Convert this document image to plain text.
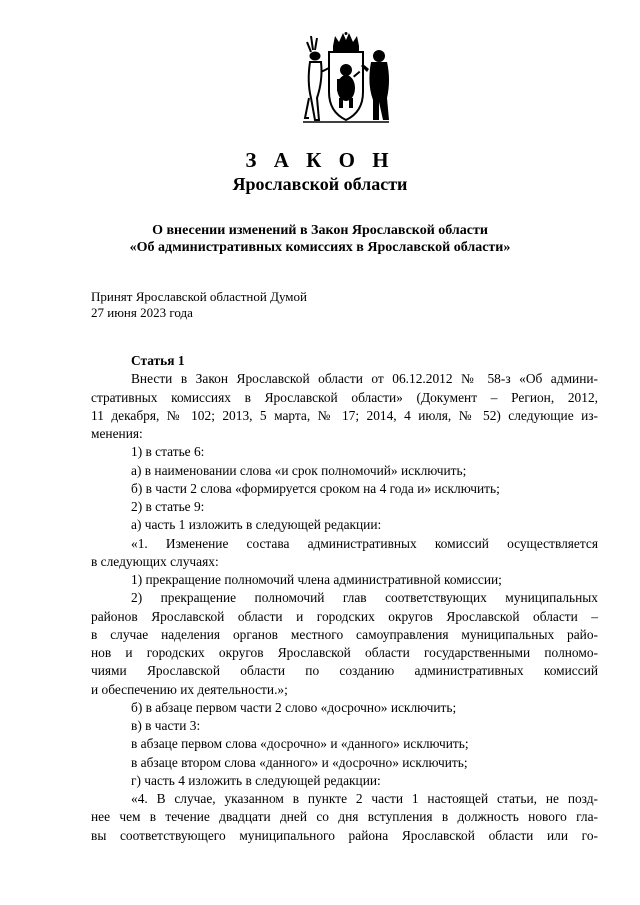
З А К О Н
Ярославской области
О внесении изменений в Закон Ярославской области
«Об административных комиссиях в Ярославской области»
Принят Ярославской областной Думой
27 июня 2023 года
Статья 1
Внести в Закон Ярославской области от 06.12.2012 № 58-з «Об админи-
стративных комиссиях в Ярославской области» (Документ – Регион, 2012,
11 декабря, № 102; 2013, 5 марта, № 17; 2014, 4 июля, № 52) следующие из-
менения:
1) в статье 6:
а) в наименовании слова «и срок полномочий» исключить;
б) в части 2 слова «формируется сроком на 4 года и» исключить;
2) в статье 9:
а) часть 1 изложить в следующей редакции:
«1. Изменение состава административных комиссий осуществляется
в следующих случаях:
1) прекращение полномочий члена административной комиссии;
2) прекращение полномочий глав соответствующих муниципальных
районов Ярославской области и городских округов Ярославской области –
в случае наделения органов местного самоуправления муниципальных райо-
нов и городских округов Ярославской области государственными полномо-
чиями Ярославской области по созданию административных комиссий
и обеспечению их деятельности.»;
б) в абзаце первом части 2 слово «досрочно» исключить;
в) в части 3:
в абзаце первом слова «досрочно» и «данного» исключить;
в абзаце втором слова «данного» и «досрочно» исключить;
г) часть 4 изложить в следующей редакции:
«4. В случае, указанном в пункте 2 части 1 настоящей статьи, не позд-
нее чем в течение двадцати дней со дня вступления в должность нового гла-
вы соответствующего муниципального района Ярославской области или го-
